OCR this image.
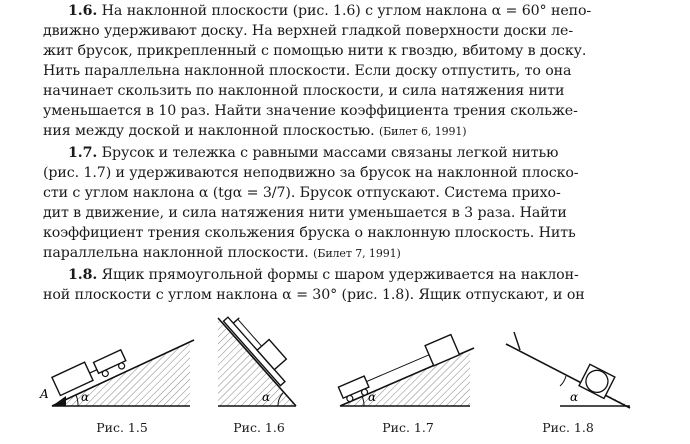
1.6. На наклонной плоскости (рис. 1.6) с углом наклона α = 60° непо-
движно удерживают доску. На верхней гладкой поверхности доски ле-
жит брусок, прикрепленный с помощью нити к гвоздю, вбитому в доску.
Нить параллельна наклонной плоскости. Если доску отпустить, то она
начинает скользить по наклонной плоскости, и сила натяжения нити
уменьшается в 10 раз. Найти значение коэффициента трения скольже-
ния между доской и наклонной плоскостью. (Билет 6, 1991)
1.7. Брусок и тележка с равными массами связаны легкой нитью
(рис. 1.7) и удерживаются неподвижно за брусок на наклонной плоско-
сти с углом наклона α (tgα = 3/7). Брусок отпускают. Система прихо-
дит в движение, и сила натяжения нити уменьшается в 3 раза. Найти
коэффициент трения скольжения бруска о наклонную плоскость. Нить
параллельна наклонной плоскости. (Билет 7, 1991)
1.8. Ящик прямоугольной формы с шаром удерживается на наклон-
ной плоскости с углом наклона α = 30° (рис. 1.8). Ящик отпускают, и он
α
A	α	α	α
Рис. 1.5	Рис. 1.6	Рис. 1.7	Рис. 1.8
